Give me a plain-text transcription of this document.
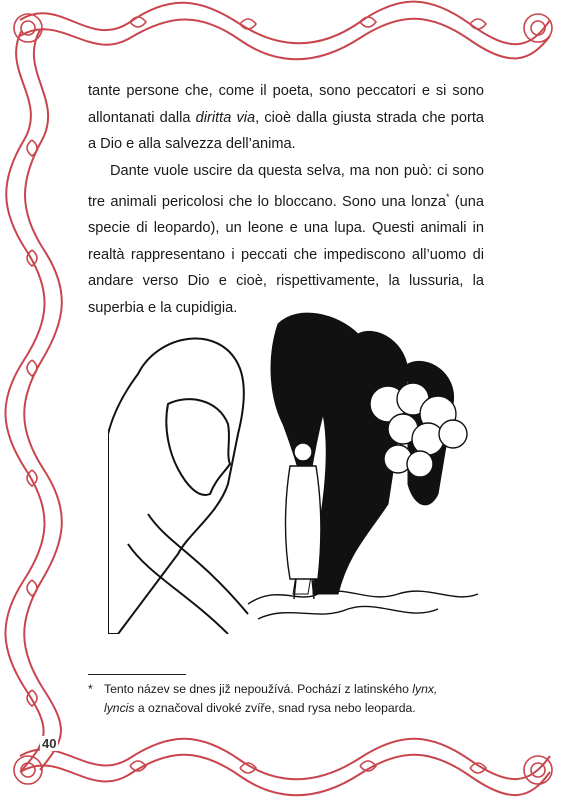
tante persone che, come il poeta, sono peccatori e si sono allontanati dalla diritta via, cioè dalla giusta strada che porta a Dio e alla salvezza dell’anima.

Dante vuole uscire da questa selva, ma non può: ci sono tre animali pericolosi che lo bloccano. Sono una lonza* (una specie di leopardo), un leone e una lupa. Questi animali in realtà rappresentano i peccati che impediscono all’uomo di andare verso Dio e cioè, rispettivamente, la lussuria, la superbia e la cupidigia.

* Tento název se dnes již nepoužívá. Pochází z latinského lynx,
lyncis a označoval divoké zvíře, snad rysa nebo leoparda.
40
